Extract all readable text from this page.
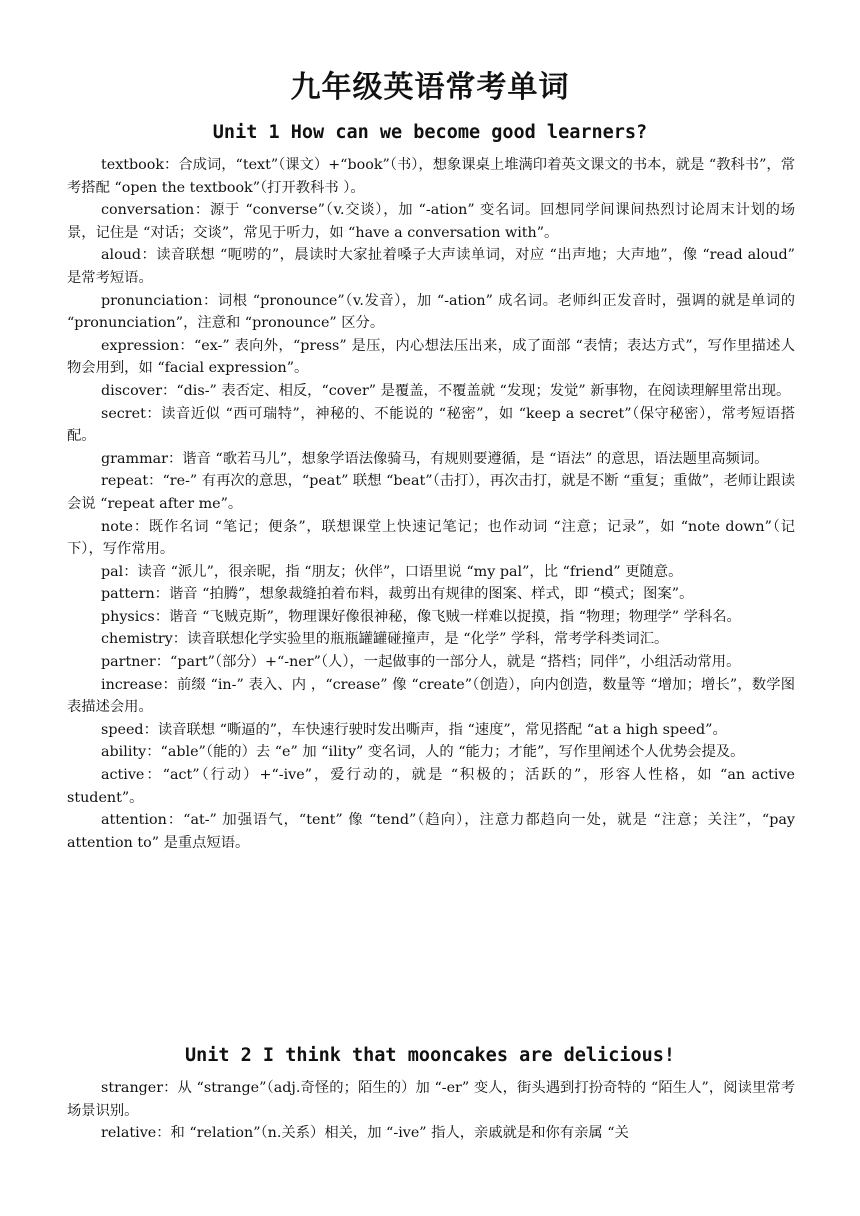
九年级英语常考单词
Unit 1 How can we become good learners?

textbook：合成词，“text”（课文）+“book”（书），想象课桌上堆满印着英文课文的书本，就是 “教科书”，常考搭配 “open the textbook”（打开教科书 ）。

conversation：源于 “converse”（v.交谈），加 “-ation” 变名词。回想同学间课间热烈讨论周末计划的场景，记住是 “对话；交谈”，常见于听力，如 “have a conversation with”。

aloud：读音联想 “呃唠的”，晨读时大家扯着嗓子大声读单词，对应 “出声地；大声地”，像 “read aloud” 是常考短语。

pronunciation：词根 “pronounce”（v.发音），加 “-ation” 成名词。老师纠正发音时，强调的就是单词的 “pronunciation”，注意和 “pronounce” 区分。

expression：“ex-” 表向外，“press” 是压，内心想法压出来，成了面部 “表情；表达方式”，写作里描述人物会用到，如 “facial expression”。

discover：“dis-” 表否定、相反，“cover” 是覆盖，不覆盖就 “发现；发觉” 新事物，在阅读理解里常出现。

secret：读音近似 “西可瑞特”，神秘的、不能说的 “秘密”，如 “keep a secret”（保守秘密），常考短语搭配。

grammar：谐音 “歌若马儿”，想象学语法像骑马，有规则要遵循，是 “语法” 的意思，语法题里高频词。

repeat：“re-” 有再次的意思，“peat” 联想 “beat”（击打），再次击打，就是不断 “重复；重做”，老师让跟读会说 “repeat after me”。

note：既作名词 “笔记；便条”，联想课堂上快速记笔记；也作动词 “注意；记录”，如 “note down”（记下），写作常用。

pal：读音 “派儿”，很亲昵，指 “朋友；伙伴”，口语里说 “my pal”，比 “friend” 更随意。

pattern：谐音 “拍腾”，想象裁缝拍着布料，裁剪出有规律的图案、样式，即 “模式；图案”。

physics：谐音 “飞贼克斯”，物理课好像很神秘，像飞贼一样难以捉摸，指 “物理；物理学” 学科名。

chemistry：读音联想化学实验里的瓶瓶罐罐碰撞声，是 “化学” 学科，常考学科类词汇。

partner：“part”（部分）+“-ner”（人），一起做事的一部分人，就是 “搭档；同伴”，小组活动常用。

increase：前缀 “in-” 表入、内 ，“crease” 像 “create”（创造），向内创造，数量等 “增加；增长”，数学图表描述会用。

speed：读音联想 “嘶逼的”，车快速行驶时发出嘶声，指 “速度”，常见搭配 “at a high speed”。

ability：“able”（能的）去 “e” 加 “ility” 变名词，人的 “能力；才能”，写作里阐述个人优势会提及。

active：“act”（行动）+“-ive”，爱行动的，就是 “积极的；活跃的”，形容人性格，如 “an active student”。

attention：“at-” 加强语气，“tent” 像 “tend”（趋向），注意力都趋向一处，就是 “注意；关注”，“pay attention to” 是重点短语。

Unit 2 I think that mooncakes are delicious!

stranger：从 “strange”（adj.奇怪的；陌生的）加 “-er” 变人，街头遇到打扮奇特的 “陌生人”，阅读里常考场景识别。

relative：和 “relation”（n.关系）相关，加 “-ive” 指人，亲戚就是和你有亲属 “关
